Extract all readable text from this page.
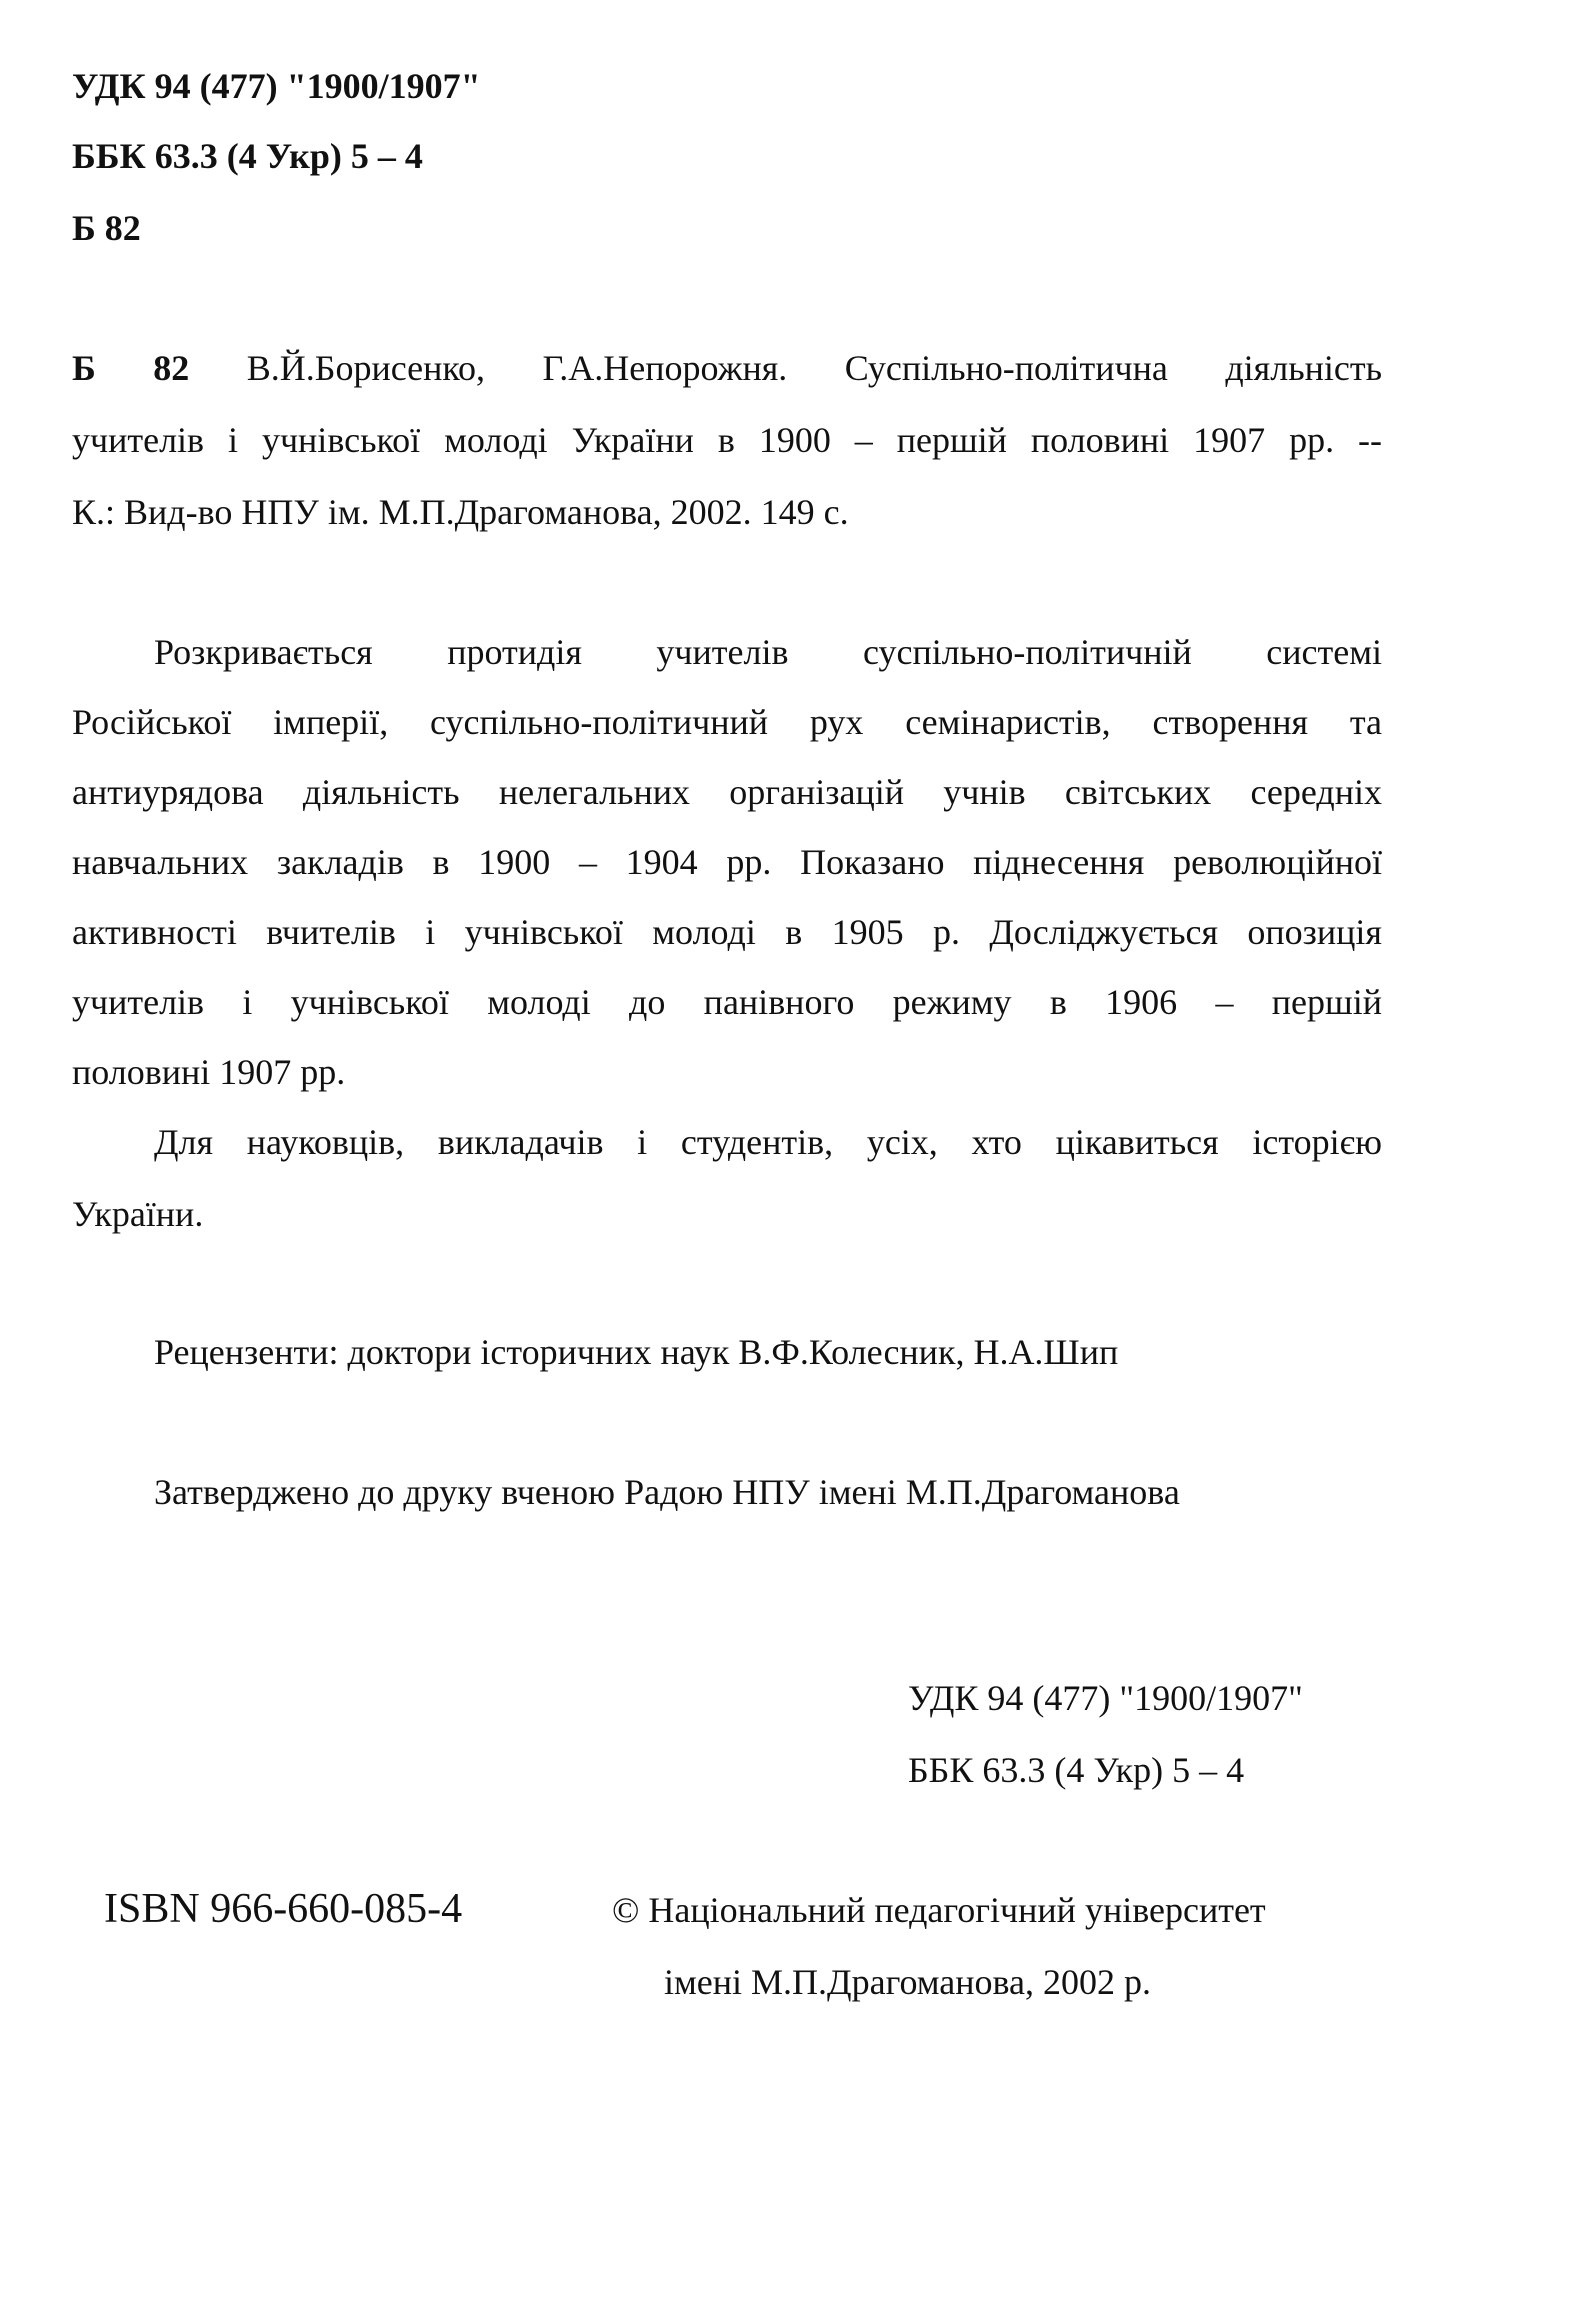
УДК 94 (477) "1900/1907"
ББК 63.3 (4 Укр) 5 – 4
Б 82
Б 82 В.Й.Борисенко, Г.А.Непорожня. Суспільно-політична діяльність
учителів і учнівської молоді України в 1900 – першій половині 1907 рр. --
К.: Вид-во НПУ ім. М.П.Драгоманова, 2002. 149 с.
Розкривається протидія учителів суспільно-політичній системі
Російської імперії, суспільно-політичний рух семінаристів, створення та
антиурядова діяльність нелегальних організацій учнів світських середніх
навчальних закладів в 1900 – 1904 рр. Показано піднесення революційної
активності вчителів і учнівської молоді в 1905 р. Досліджується опозиція
учителів і учнівської молоді до панівного режиму в 1906 – першій
половині 1907 рр.
Для науковців, викладачів і студентів, усіх, хто цікавиться історією
України.
Рецензенти: доктори історичних наук В.Ф.Колесник, Н.А.Шип
Затверджено до друку вченою Радою НПУ імені М.П.Драгоманова
УДК 94 (477) "1900/1907"
ББК 63.3 (4 Укр) 5 – 4
ISBN 966-660-085-4	© Національний педагогічний університет
імені М.П.Драгоманова, 2002 р.
